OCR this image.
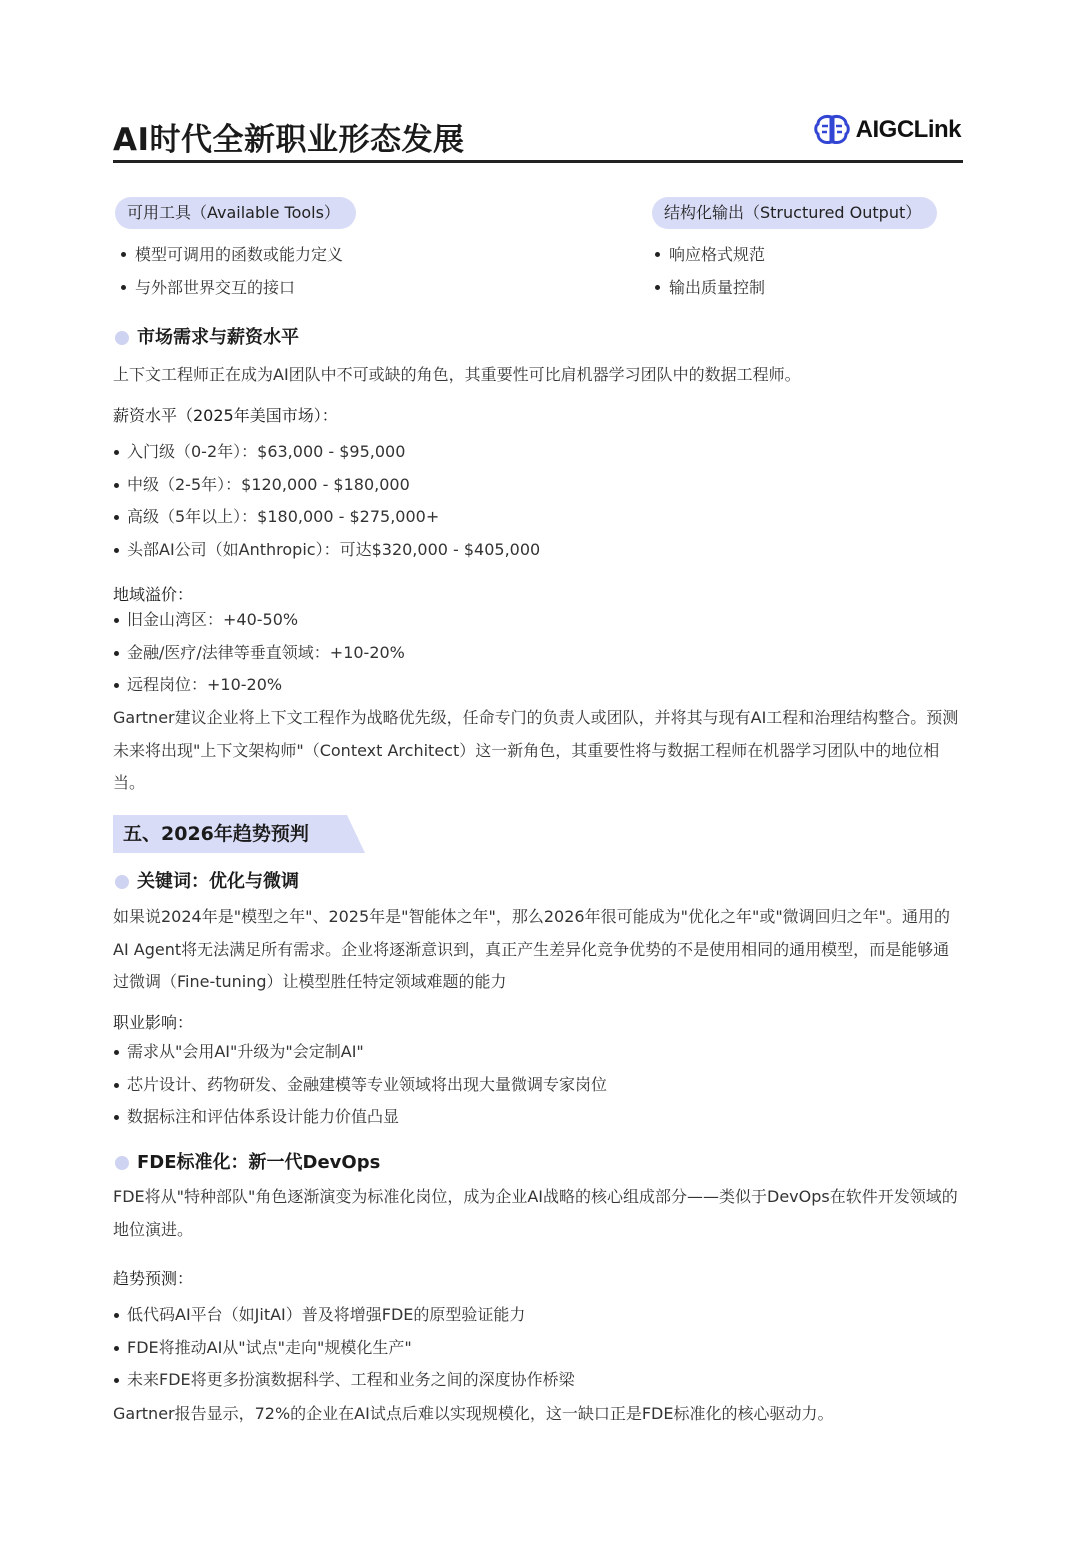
AI时代全新职业形态发展	AIGCLink
可用工具（Available Tools）
模型可调用的函数或能力定义
与外部世界交互的接口
结构化输出（Structured Output）
响应格式规范
输出质量控制
市场需求与薪资水平

上下文工程师正在成为AI团队中不可或缺的角色，其重要性可比肩机器学习团队中的数据工程师。

薪资水平（2025年美国市场）：
入门级（0-2年）：$63,000 - $95,000
中级（2-5年）：$120,000 - $180,000
高级（5年以上）：$180,000 - $275,000+
头部AI公司（如Anthropic）：可达$320,000 - $405,000
地域溢价：
旧金山湾区：+40-50%
金融/医疗/法律等垂直领域：+10-20%
远程岗位：+10-20%

Gartner建议企业将上下文工程作为战略优先级，任命专门的负责人或团队，并将其与现有AI工程和治理结构整合。预测未来将出现"上下文架构师"（Context Architect）这一新角色，其重要性将与数据工程师在机器学习团队中的地位相当。

五、2026年趋势预判
关键词：优化与微调

如果说2024年是"模型之年"、2025年是"智能体之年"，那么2026年很可能成为"优化之年"或"微调回归之年"。通用的AI Agent将无法满足所有需求。企业将逐渐意识到，真正产生差异化竞争优势的不是使用相同的通用模型，而是能够通过微调（Fine-tuning）让模型胜任特定领域难题的能力

职业影响：
需求从"会用AI"升级为"会定制AI"
芯片设计、药物研发、金融建模等专业领域将出现大量微调专家岗位
数据标注和评估体系设计能力价值凸显
FDE标准化：新一代DevOps

FDE将从"特种部队"角色逐渐演变为标准化岗位，成为企业AI战略的核心组成部分——类似于DevOps在软件开发领域的地位演进。

趋势预测：
低代码AI平台（如JitAI）普及将增强FDE的原型验证能力
FDE将推动AI从"试点"走向"规模化生产"
未来FDE将更多扮演数据科学、工程和业务之间的深度协作桥梁

Gartner报告显示，72%的企业在AI试点后难以实现规模化，这一缺口正是FDE标准化的核心驱动力。
